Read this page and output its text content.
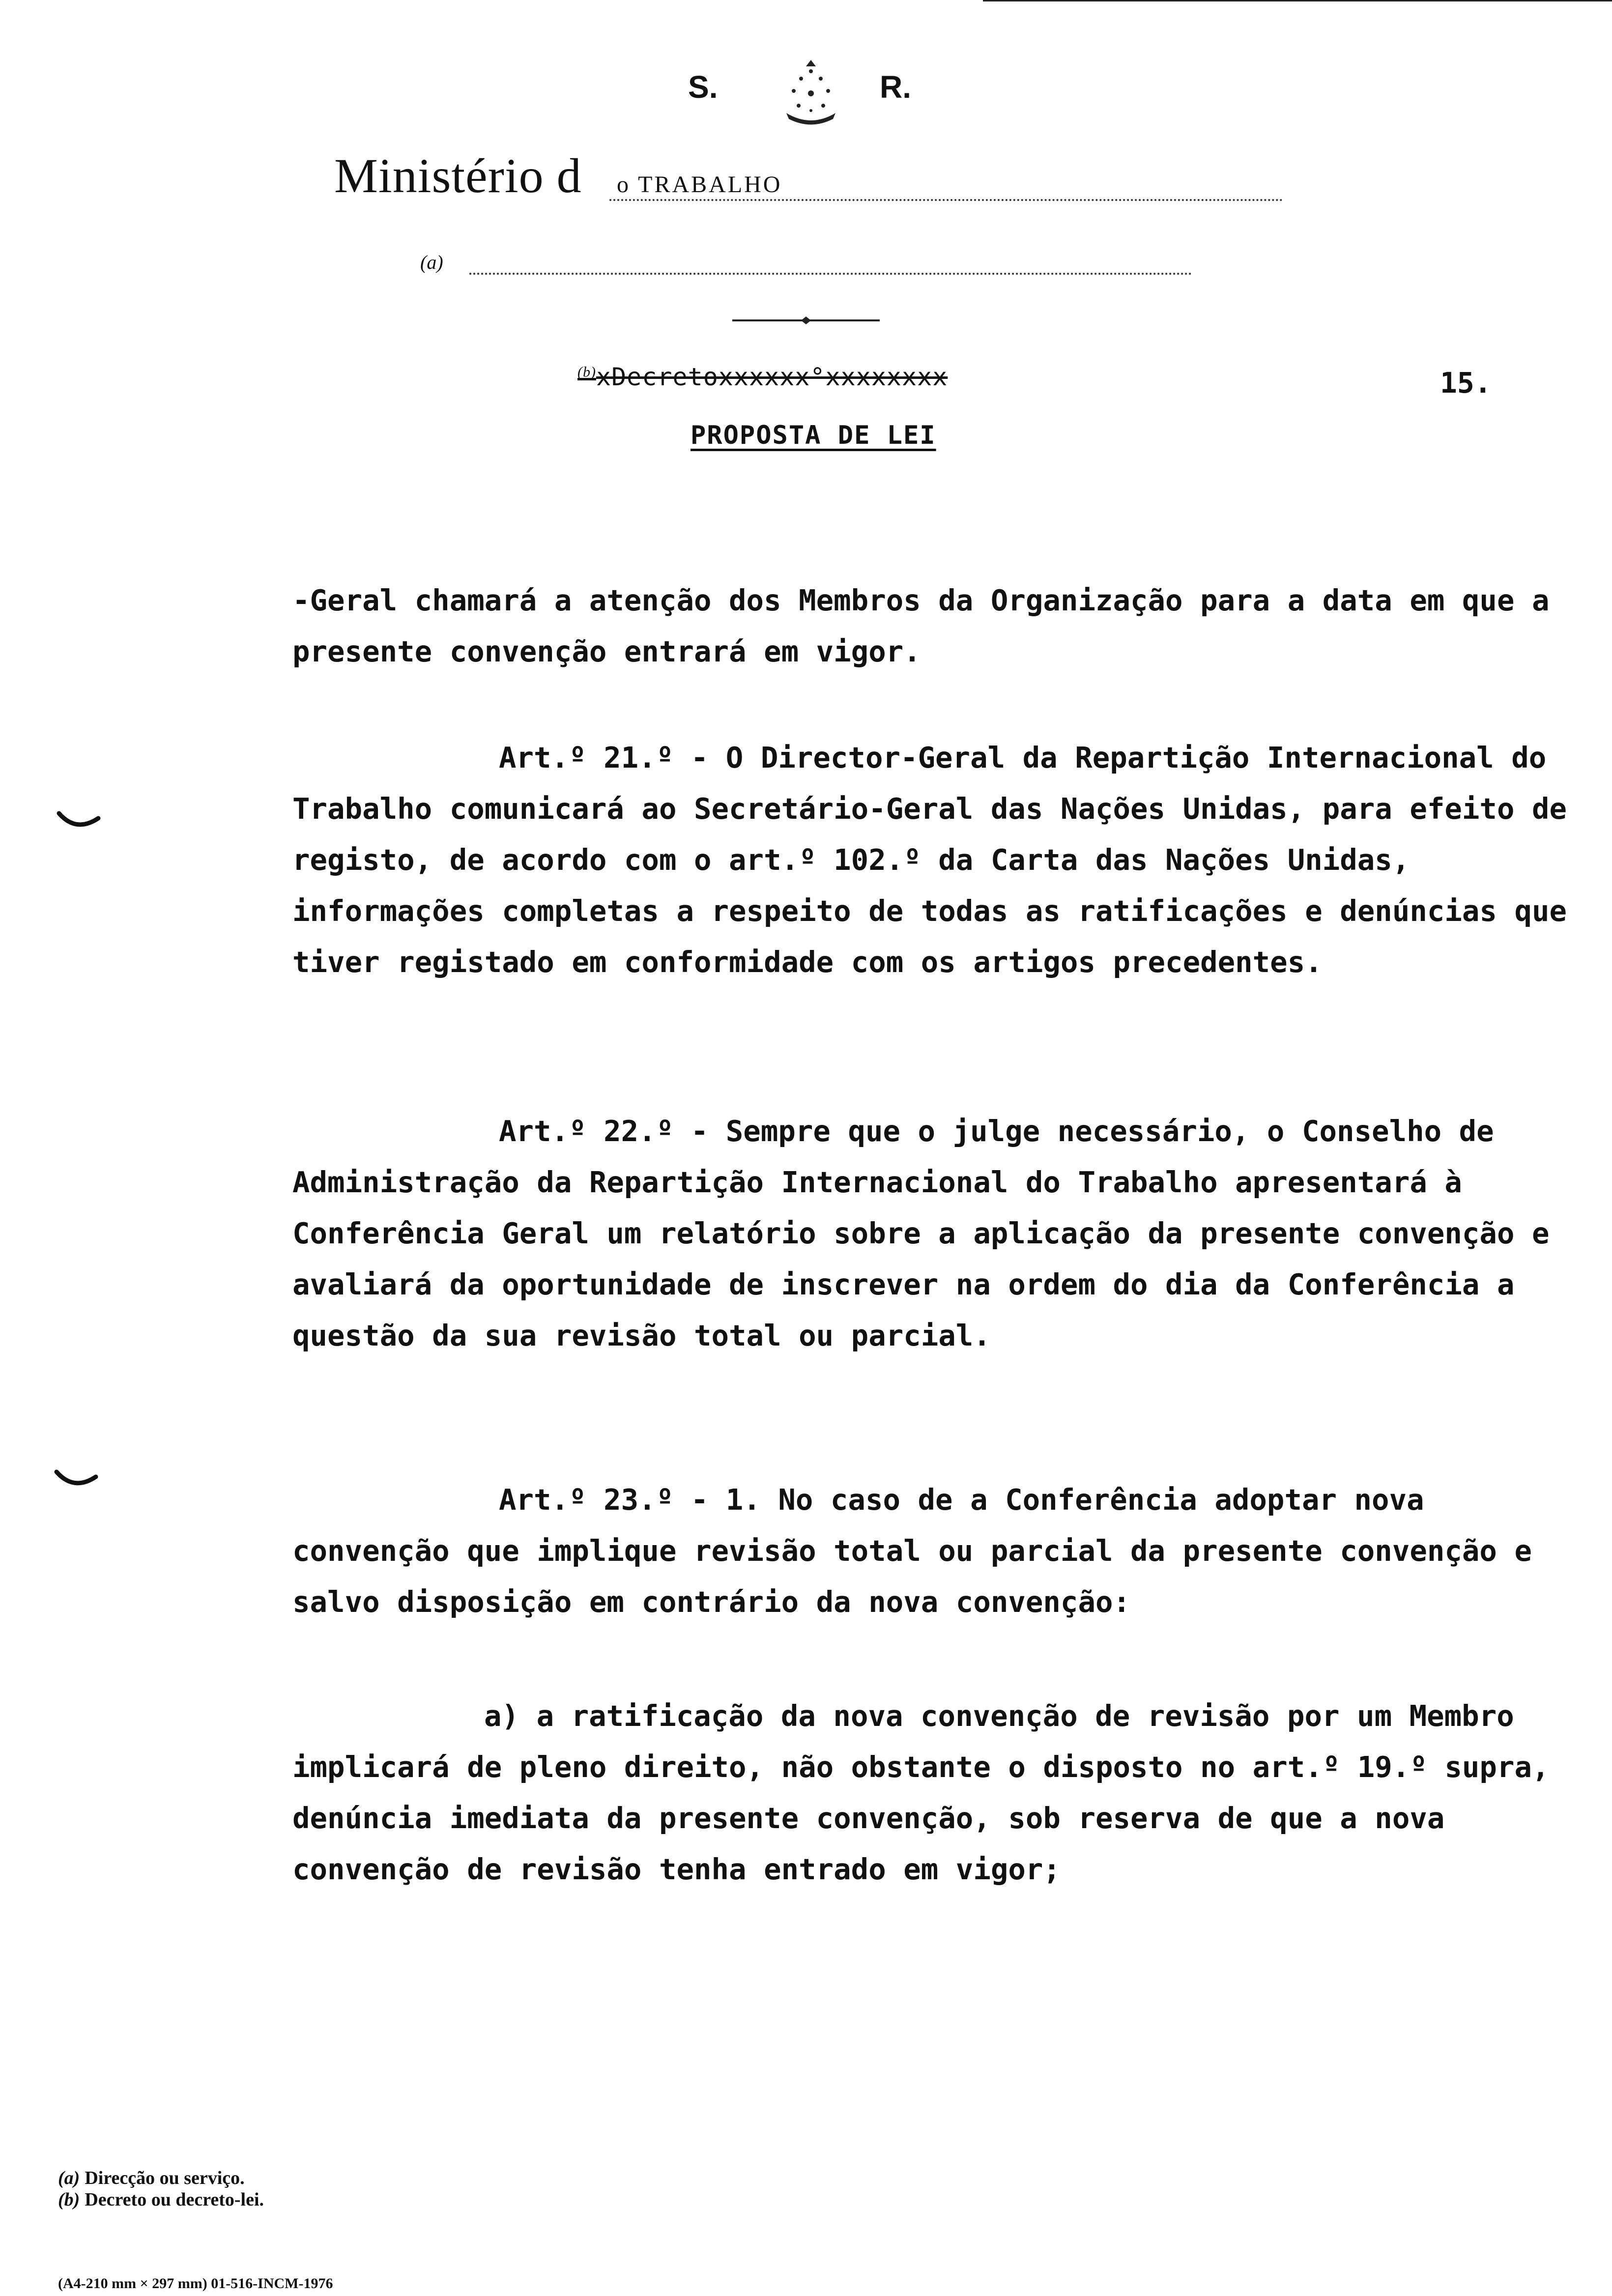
S.	R.
Ministério d o TRABALHO
(a)
$^{(b)}$xDecretoxxxxxx°xxxxxxxx	15.
PROPOSTA DE LEI

-Geral chamará a atenção dos Membros da Organização para a data em que a presente convenção entrará em vigor.

Art.º 21.º - O Director-Geral da Repartição Internacional do Trabalho comunicará ao Secretário-Geral das Nações Unidas, para efeito de registo, de acordo com o art.º 102.º da Carta das Nações Unidas, informações completas a respeito de todas as ratificações e denúncias que tiver registado em conformidade com os artigos precedentes.

Art.º 22.º - Sempre que o julge necessário, o Conselho de Administração da Repartição Internacional do Trabalho apresentará à Conferência Geral um relatório sobre a aplicação da presente convenção e avaliará da oportunidade de inscrever na ordem do dia da Conferência a questão da sua revisão total ou parcial.

Art.º 23.º - 1. No caso de a Conferência adoptar nova convenção que implique revisão total ou parcial da presente convenção e salvo disposição em contrário da nova convenção:

a) a ratificação da nova convenção de revisão por um Membro implicará de pleno direito, não obstante o disposto no art.º 19.º supra, denúncia imediata da presente convenção, sob reserva de que a nova convenção de revisão tenha entrado em vigor;

(a) Direcção ou serviço.
(b) Decreto ou decreto-lei.
(A4-210 mm × 297 mm) 01-516-INCM-1976
